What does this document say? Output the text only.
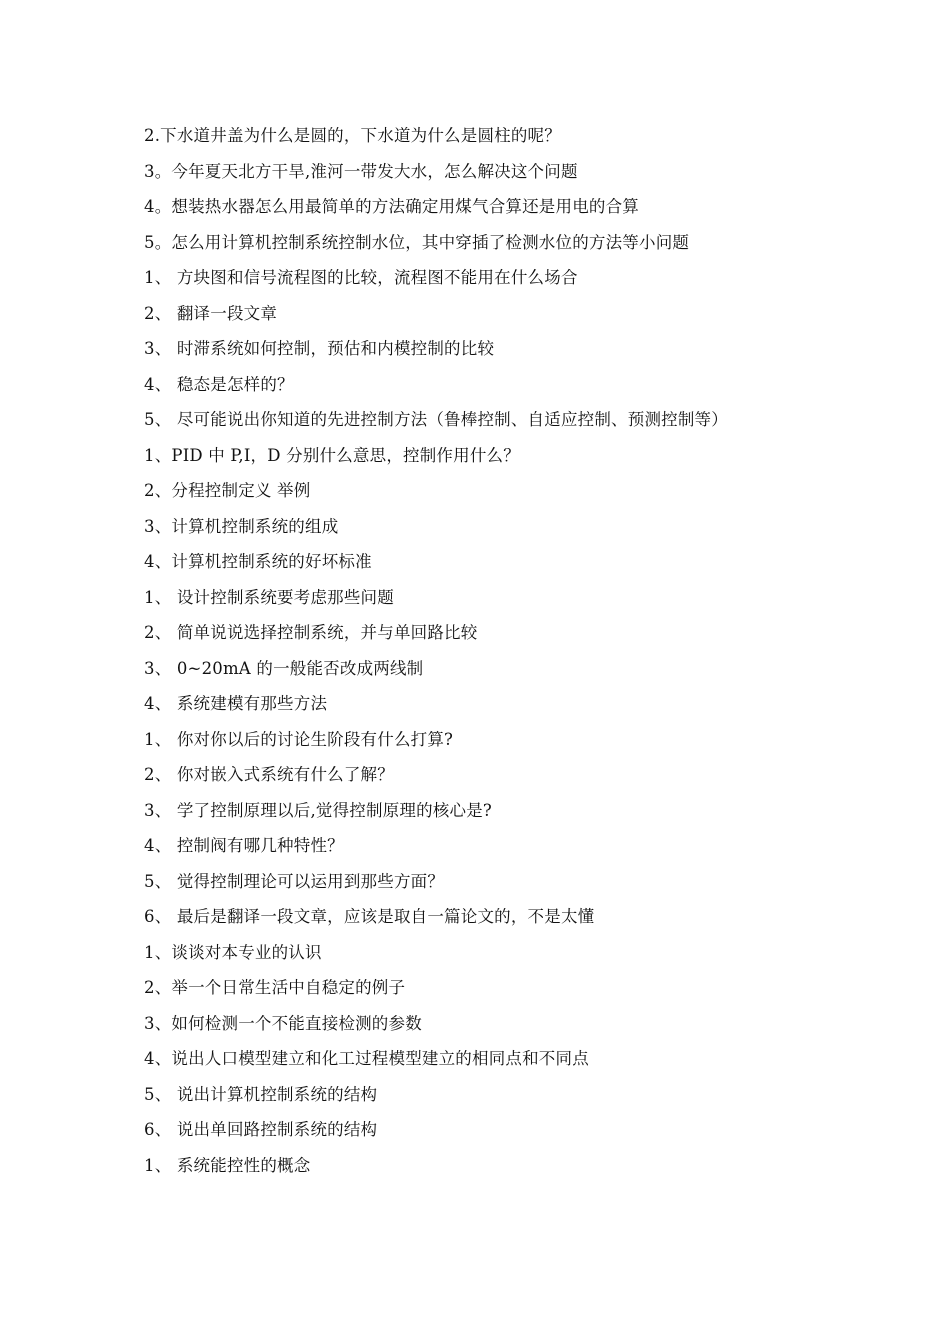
2.下水道井盖为什么是圆的，下水道为什么是圆柱的呢？
3。今年夏天北方干旱,淮河一带发大水，怎么解决这个问题
4。想装热水器怎么用最简单的方法确定用煤气合算还是用电的合算
5。怎么用计算机控制系统控制水位，其中穿插了检测水位的方法等小问题
1、 方块图和信号流程图的比较，流程图不能用在什么场合
2、 翻译一段文章
3、 时滞系统如何控制，预估和内模控制的比较
4、 稳态是怎样的？
5、 尽可能说出你知道的先进控制方法（鲁棒控制、自适应控制、预测控制等）
1、PID 中 P,I，D 分别什么意思，控制作用什么？
2、分程控制定义 举例
3、计算机控制系统的组成
4、计算机控制系统的好坏标准
1、 设计控制系统要考虑那些问题
2、 简单说说选择控制系统，并与单回路比较
3、 0~20mA 的一般能否改成两线制
4、 系统建模有那些方法
1、 你对你以后的讨论生阶段有什么打算?
2、 你对嵌入式系统有什么了解？
3、 学了控制原理以后,觉得控制原理的核心是?
4、 控制阀有哪几种特性？
5、 觉得控制理论可以运用到那些方面？
6、 最后是翻译一段文章，应该是取自一篇论文的，不是太懂
1、谈谈对本专业的认识
2、举一个日常生活中自稳定的例子
3、如何检测一个不能直接检测的参数
4、说出人口模型建立和化工过程模型建立的相同点和不同点
5、 说出计算机控制系统的结构
6、 说出单回路控制系统的结构
1、 系统能控性的概念
